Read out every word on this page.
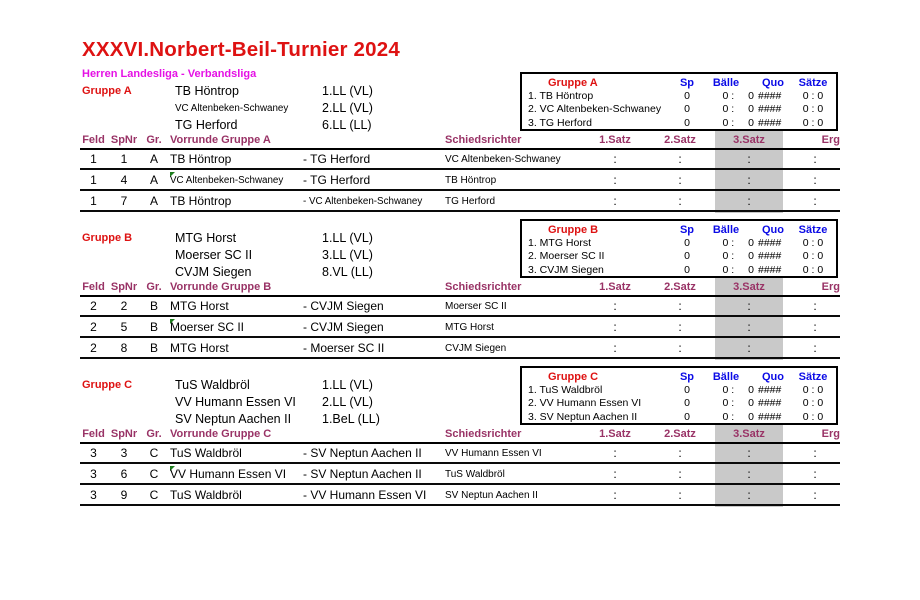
XXXVI.Norbert-Beil-Turnier 2024
Herren Landesliga - Verbandsliga
Gruppe A	TB Höntrop	1.LL (VL)
VC Altenbeken-Schwaney	2.LL (VL)
TG Herford	6.LL (LL)
Gruppe A	Sp	Bälle	Quo	Sätze
1. TB Höntrop	0	0 : 0 ####	0 : 0
2. VC Altenbeken-Schwaney	0	0 : 0 ####	0 : 0
3. TG Herford	0	0 : 0 ####	0 : 0
Feld SpNr Gr. Vorrunde Gruppe A	Schiedsrichter	1.Satz	2.Satz	3.Satz	Erg
1	1	A	TB Höntrop	- TG Herford	VC Altenbeken-Schwaney	:	:	:	:
1	4	A	VC Altenbeken-Schwaney	- TG Herford	TB Höntrop	:	:	:	:
1	7	A	TB Höntrop	- VC Altenbeken-Schwaney	TG Herford	:	:	:	:
Gruppe B	MTG Horst	1.LL (VL)
Moerser SC II	3.LL (VL)
CVJM Siegen	8.VL (LL)
Gruppe B	Sp	Bälle	Quo	Sätze
1. MTG Horst	0	0 : 0 ####	0 : 0
2. Moerser SC II	0	0 : 0 ####	0 : 0
3. CVJM Siegen	0	0 : 0 ####	0 : 0
Feld SpNr Gr. Vorrunde Gruppe B	Schiedsrichter	1.Satz	2.Satz	3.Satz	Erg
2	2	B	MTG Horst	- CVJM Siegen	Moerser SC II	:	:	:	:
2	5	B	Moerser SC II	- CVJM Siegen	MTG Horst	:	:	:	:
2	8	B	MTG Horst	- Moerser SC II	CVJM Siegen	:	:	:	:
Gruppe C	TuS Waldbröl	1.LL (VL)
VV Humann Essen VI 2.LL (VL)
SV Neptun Aachen II 1.BeL (LL)
Gruppe C	Sp	Bälle	Quo	Sätze
1. TuS Waldbröl	0	0 : 0 ####	0 : 0
2. VV Humann Essen VI	0	0 : 0 ####	0 : 0
3. SV Neptun Aachen II	0	0 : 0 ####	0 : 0
Feld SpNr Gr. Vorrunde Gruppe C	Schiedsrichter	1.Satz	2.Satz	3.Satz	Erg
3	3	C TuS Waldbröl	- SV Neptun Aachen II	VV Humann Essen VI	:	:	:	:
3	6	C VV Humann Essen VI	- SV Neptun Aachen II	TuS Waldbröl	:	:	:	:
3	9	C TuS Waldbröl	- VV Humann Essen VI	SV Neptun Aachen II	:	:	:	:
